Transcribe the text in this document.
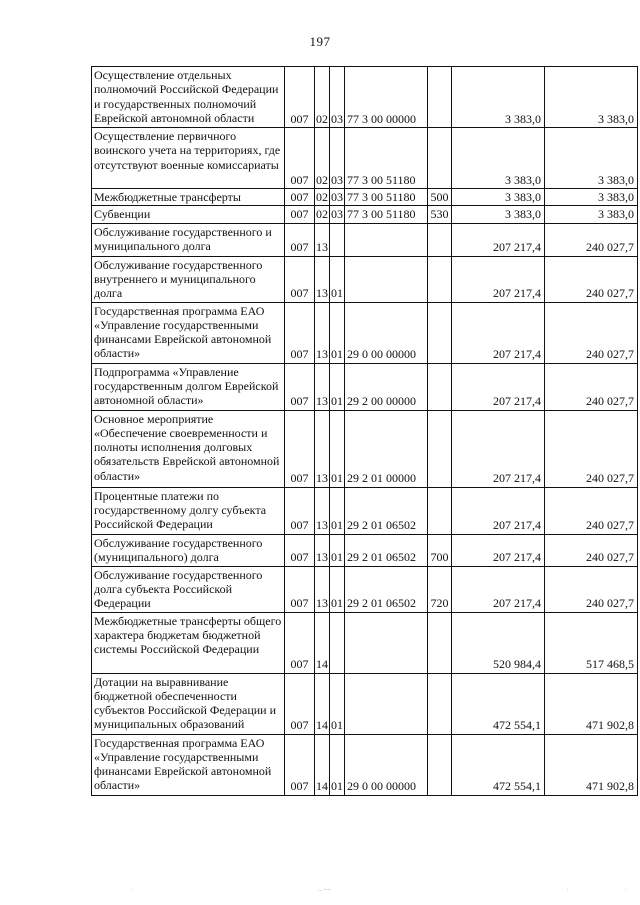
197
Осуществление отдельных полномочий Российской Федерации и государственных полномочий Еврейской автономной области	007	02	03	77 3 00 00000		3 383,0	3 383,0
Осуществление первичного воинского учета на территориях, где отсутствуют военные комиссариаты	007	02	03	77 3 00 51180		3 383,0	3 383,0
Межбюджетные трансферты	007	02	03	77 3 00 51180	500	3 383,0	3 383,0
Субвенции	007	02	03	77 3 00 51180	530	3 383,0	3 383,0
Обслуживание государственного и муниципального долга	007	13				207 217,4	240 027,7
Обслуживание государственного внутреннего и муниципального долга	007	13	01			207 217,4	240 027,7
Государственная программа ЕАО «Управление государственными финансами Еврейской автономной области»	007	13	01	29 0 00 00000		207 217,4	240 027,7
Подпрограмма «Управление государственным долгом Еврейской автономной области»	007	13	01	29 2 00 00000		207 217,4	240 027,7
Основное мероприятие «Обеспечение своевременности и полноты исполнения долговых обязательств Еврейской автономной области»	007	13	01	29 2 01 00000		207 217,4	240 027,7
Процентные платежи по государственному долгу субъекта Российской Федерации	007	13	01	29 2 01 06502		207 217,4	240 027,7
Обслуживание государственного (муниципального) долга	007	13	01	29 2 01 06502	700	207 217,4	240 027,7
Обслуживание государственного долга субъекта Российской Федерации	007	13	01	29 2 01 06502	720	207 217,4	240 027,7
Межбюджетные трансферты общего характера бюджетам бюджетной системы Российской Федерации	007	14				520 984,4	517 468,5
Дотации на выравнивание бюджетной обеспеченности субъектов Российской Федерации и муниципальных образований	007	14	01			472 554,1	471 902,8
Государственная программа ЕАО «Управление государственными финансами Еврейской автономной области»	007	14	01	29 0 00 00000		472 554,1	471 902,8
·	‥ ·····	·	·
